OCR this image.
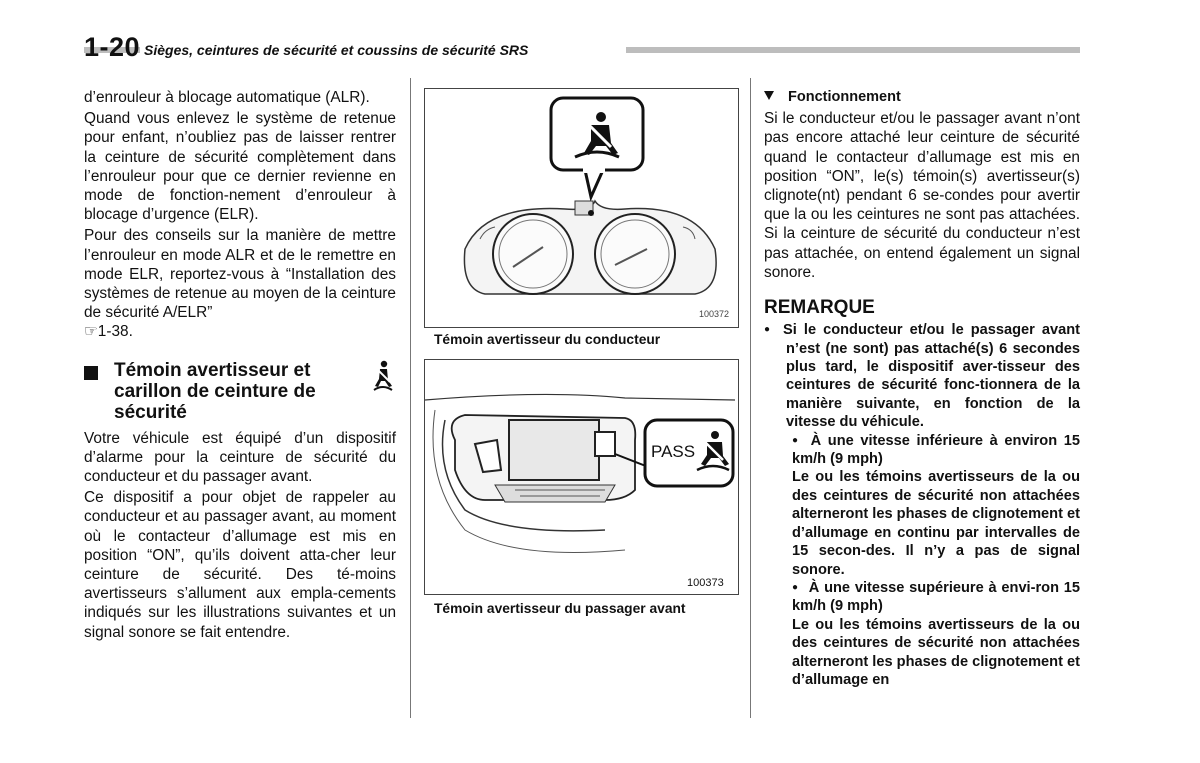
1-20 Sièges, ceintures de sécurité et coussins de sécurité SRS

d’enrouleur à blocage automatique (ALR).

Quand vous enlevez le système de retenue pour enfant, n’oubliez pas de laisser rentrer la ceinture de sécurité complètement dans l’enrouleur pour que ce dernier revienne en mode de fonction-nement d’enrouleur à blocage d’urgence (ELR).

Pour des conseils sur la manière de mettre l’enrouleur en mode ALR et de le remettre en mode ELR, reportez-vous à “Installation des systèmes de retenue au moyen de la ceinture de sécurité A/ELR”
☞1-38.

Témoin avertisseur et carillon de ceinture de sécurité

Votre véhicule est équipé d’un dispositif d’alarme pour la ceinture de sécurité du conducteur et du passager avant.

Ce dispositif a pour objet de rappeler au conducteur et au passager avant, au moment où le contacteur d’allumage est mis en position “ON”, qu’ils doivent atta-cher leur ceinture de sécurité. Des té-moins avertisseurs s’allument aux empla-cements indiqués sur les illustrations suivantes et un signal sonore se fait entendre.

100372
Témoin avertisseur du conducteur
PASS
100373
Témoin avertisseur du passager avant
Fonctionnement

Si le conducteur et/ou le passager avant n’ont pas encore attaché leur ceinture de sécurité quand le contacteur d’allumage est mis en position “ON”, le(s) témoin(s) avertisseur(s) clignote(nt) pendant 6 se-condes pour avertir que la ou les ceintures ne sont pas attachées. Si la ceinture de sécurité du conducteur n’est pas attachée, on entend également un signal sonore.

REMARQUE

● Si le conducteur et/ou le passager avant n’est (ne sont) pas attaché(s) 6 secondes plus tard, le dispositif aver-tisseur des ceintures de sécurité fonc-tionnera de la manière suivante, en fonction de la vitesse du véhicule.

● À une vitesse inférieure à environ 15 km/h (9 mph)

Le ou les témoins avertisseurs de la ou des ceintures de sécurité non attachées alterneront les phases de clignotement et d’allumage en continu par intervalles de 15 secon-des. Il n’y a pas de signal sonore.

● À une vitesse supérieure à envi-ron 15 km/h (9 mph)

Le ou les témoins avertisseurs de la ou des ceintures de sécurité non attachées alterneront les phases de clignotement et d’allumage en
